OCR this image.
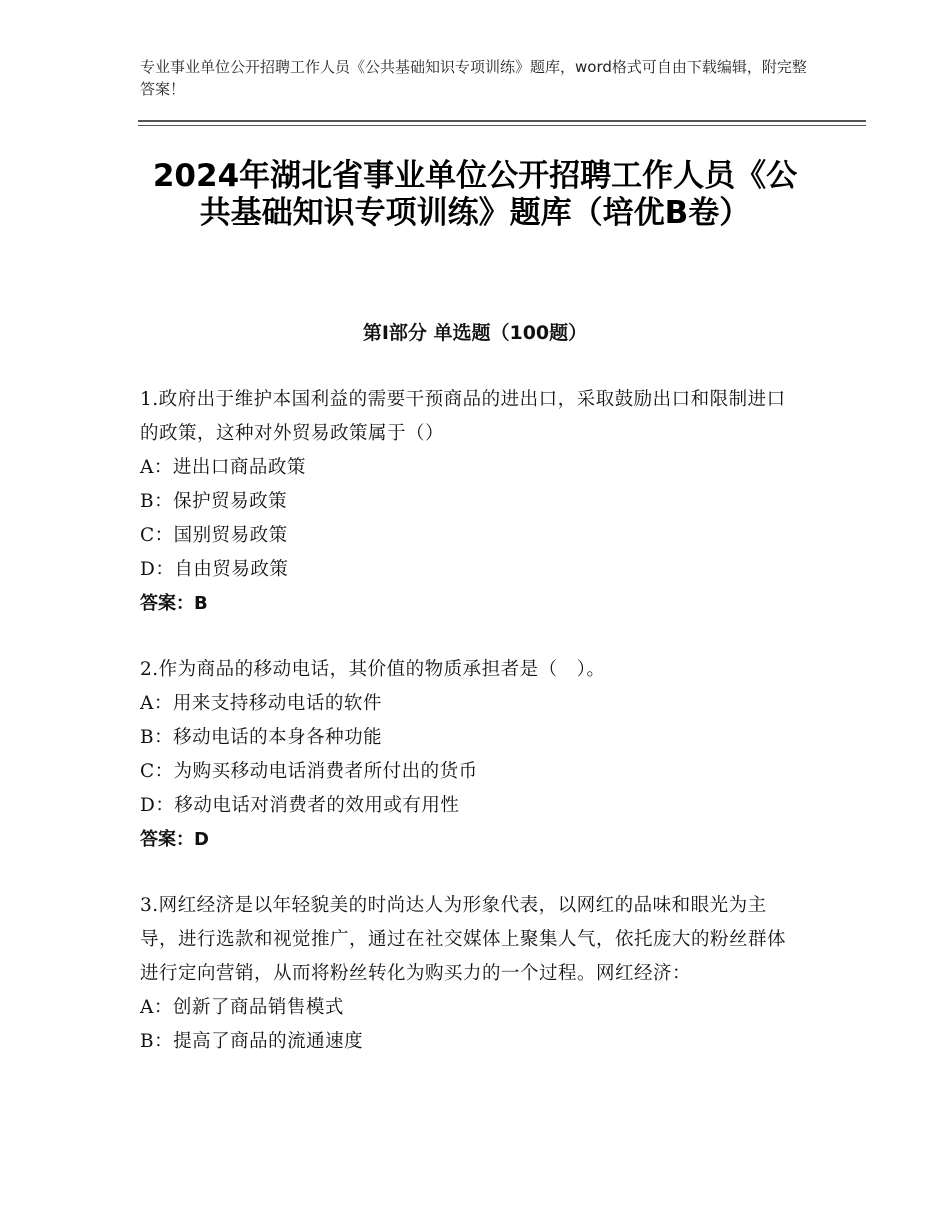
专业事业单位公开招聘工作人员《公共基础知识专项训练》题库，word格式可自由下载编辑，附完整答案！
2024年湖北省事业单位公开招聘工作人员《公共基础知识专项训练》题库（培优B卷）
第Ⅰ部分 单选题（100题）
1.政府出于维护本国利益的需要干预商品的进出口，采取鼓励出口和限制进口的政策，这种对外贸易政策属于（）
A：进出口商品政策
B：保护贸易政策
C：国别贸易政策
D：自由贸易政策
答案：B
2.作为商品的移动电话，其价值的物质承担者是（　）。
A：用来支持移动电话的软件
B：移动电话的本身各种功能
C：为购买移动电话消费者所付出的货币
D：移动电话对消费者的效用或有用性
答案：D
3.网红经济是以年轻貌美的时尚达人为形象代表，以网红的品味和眼光为主导，进行选款和视觉推广，通过在社交媒体上聚集人气，依托庞大的粉丝群体进行定向营销，从而将粉丝转化为购买力的一个过程。网红经济：
A：创新了商品销售模式
B：提高了商品的流通速度
